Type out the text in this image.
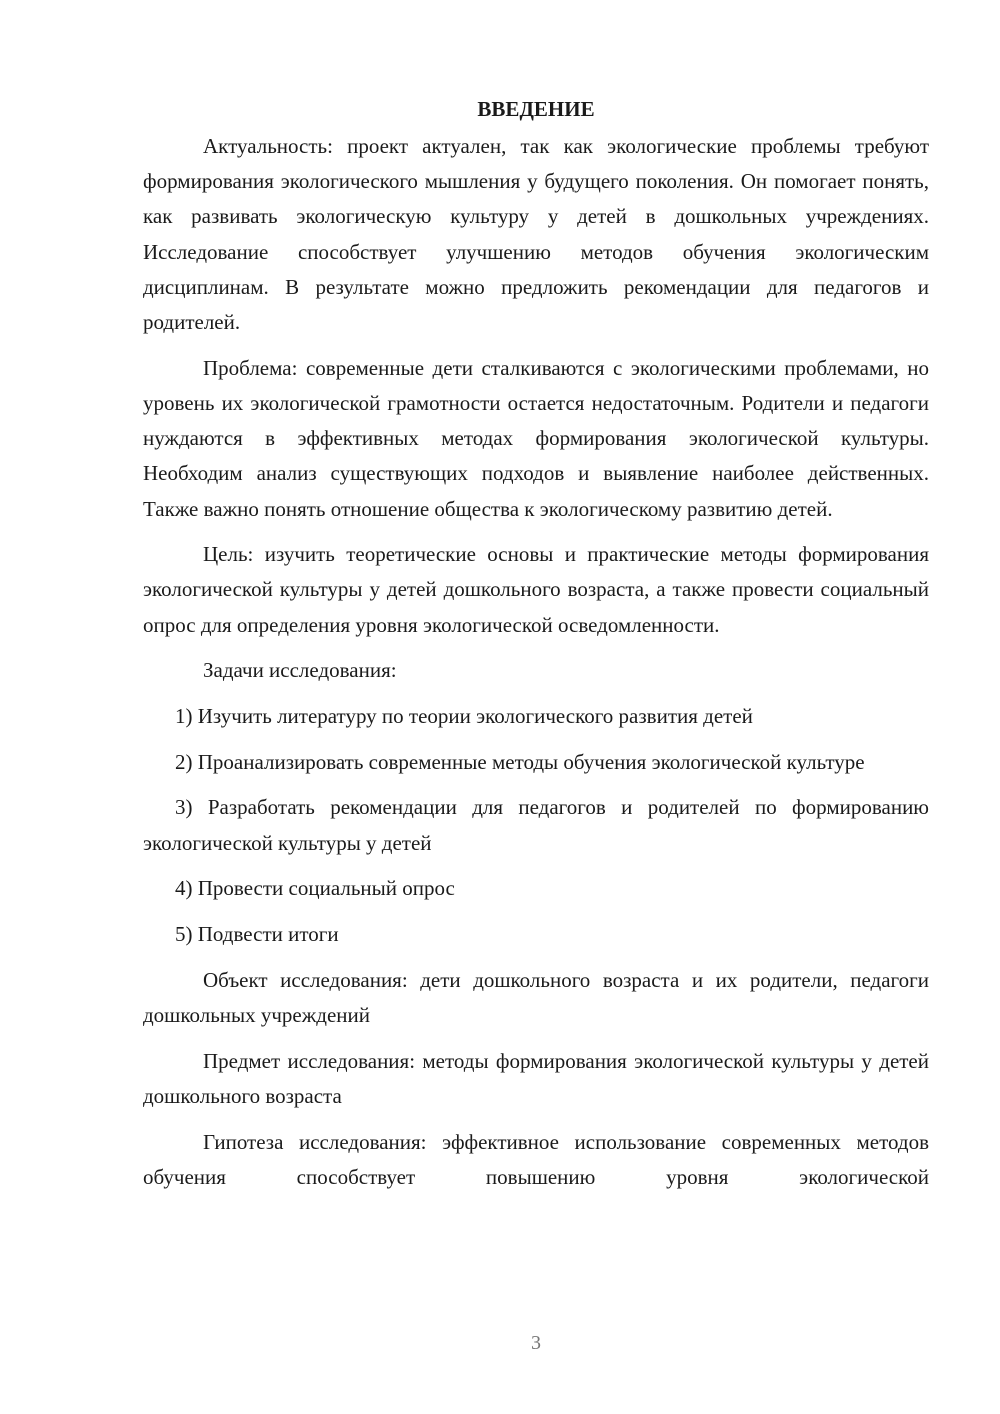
ВВЕДЕНИЕ

Актуальность: проект актуален, так как экологические проблемы требуют формирования экологического мышления у будущего поколения. Он помогает понять, как развивать экологическую культуру у детей в дошкольных учреждениях. Исследование способствует улучшению методов обучения экологическим дисциплинам. В результате можно предложить рекомендации для педагогов и родителей.

Проблема: современные дети сталкиваются с экологическими проблемами, но уровень их экологической грамотности остается недостаточным. Родители и педагоги нуждаются в эффективных методах формирования экологической культуры. Необходим анализ существующих подходов и выявление наиболее действенных. Также важно понять отношение общества к экологическому развитию детей.

Цель: изучить теоретические основы и практические методы формирования экологической культуры у детей дошкольного возраста, а также провести социальный опрос для определения уровня экологической осведомленности.

Задачи исследования:

1) Изучить литературу по теории экологического развития детей

2) Проанализировать современные методы обучения экологической культуре

3) Разработать рекомендации для педагогов и родителей по формированию экологической культуры у детей

4) Провести социальный опрос

5) Подвести итоги

Объект исследования: дети дошкольного возраста и их родители, педагоги дошкольных учреждений

Предмет исследования: методы формирования экологической культуры у детей дошкольного возраста

Гипотеза исследования: эффективное использование современных методов обучения способствует повышению уровня экологической

3
